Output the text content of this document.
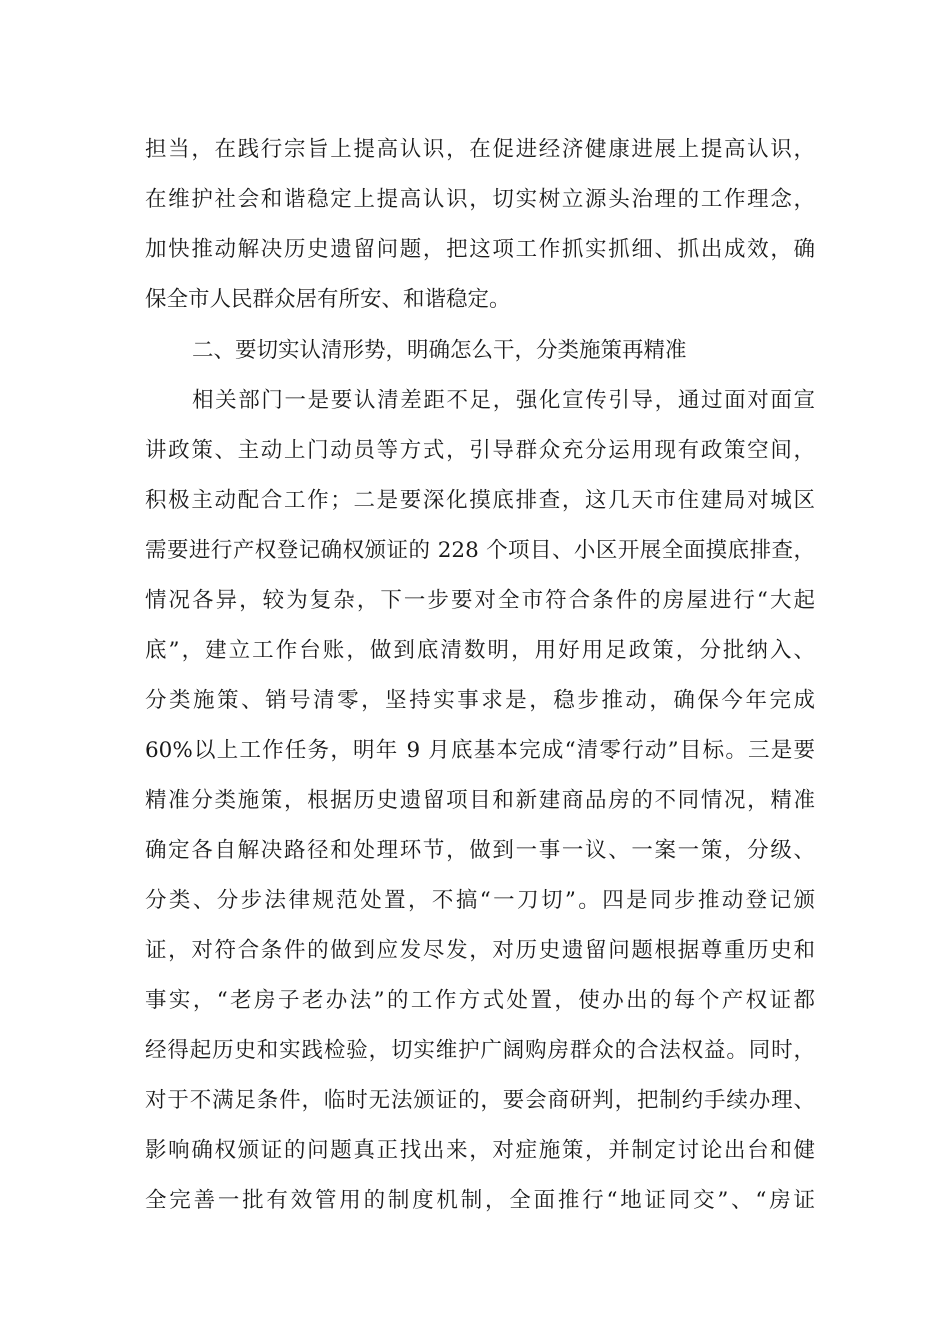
担当，在践行宗旨上提高认识，在促进经济健康进展上提高认识，
在维护社会和谐稳定上提高认识，切实树立源头治理的工作理念，
加快推动解决历史遗留问题，把这项工作抓实抓细、抓出成效，确
保全市人民群众居有所安、和谐稳定。
二、要切实认清形势，明确怎么干，分类施策再精准
相关部门一是要认清差距不足，强化宣传引导，通过面对面宣
讲政策、主动上门动员等方式，引导群众充分运用现有政策空间，
积极主动配合工作；二是要深化摸底排查，这几天市住建局对城区
需要进行产权登记确权颁证的 228 个项目、小区开展全面摸底排查，
情况各异，较为复杂，下一步要对全市符合条件的房屋进行“大起
底”，建立工作台账，做到底清数明，用好用足政策，分批纳入、
分类施策、销号清零，坚持实事求是，稳步推动，确保今年完成
60%以上工作任务，明年 9 月底基本完成“清零行动”目标。三是要
精准分类施策，根据历史遗留项目和新建商品房的不同情况，精准
确定各自解决路径和处理环节，做到一事一议、一案一策，分级、
分类、分步法律规范处置，不搞“一刀切”。四是同步推动登记颁
证，对符合条件的做到应发尽发，对历史遗留问题根据尊重历史和
事实，“老房子老办法”的工作方式处置，使办出的每个产权证都
经得起历史和实践检验，切实维护广阔购房群众的合法权益。同时，
对于不满足条件，临时无法颁证的，要会商研判，把制约手续办理、
影响确权颁证的问题真正找出来，对症施策，并制定讨论出台和健
全完善一批有效管用的制度机制，全面推行“地证同交”、“房证
